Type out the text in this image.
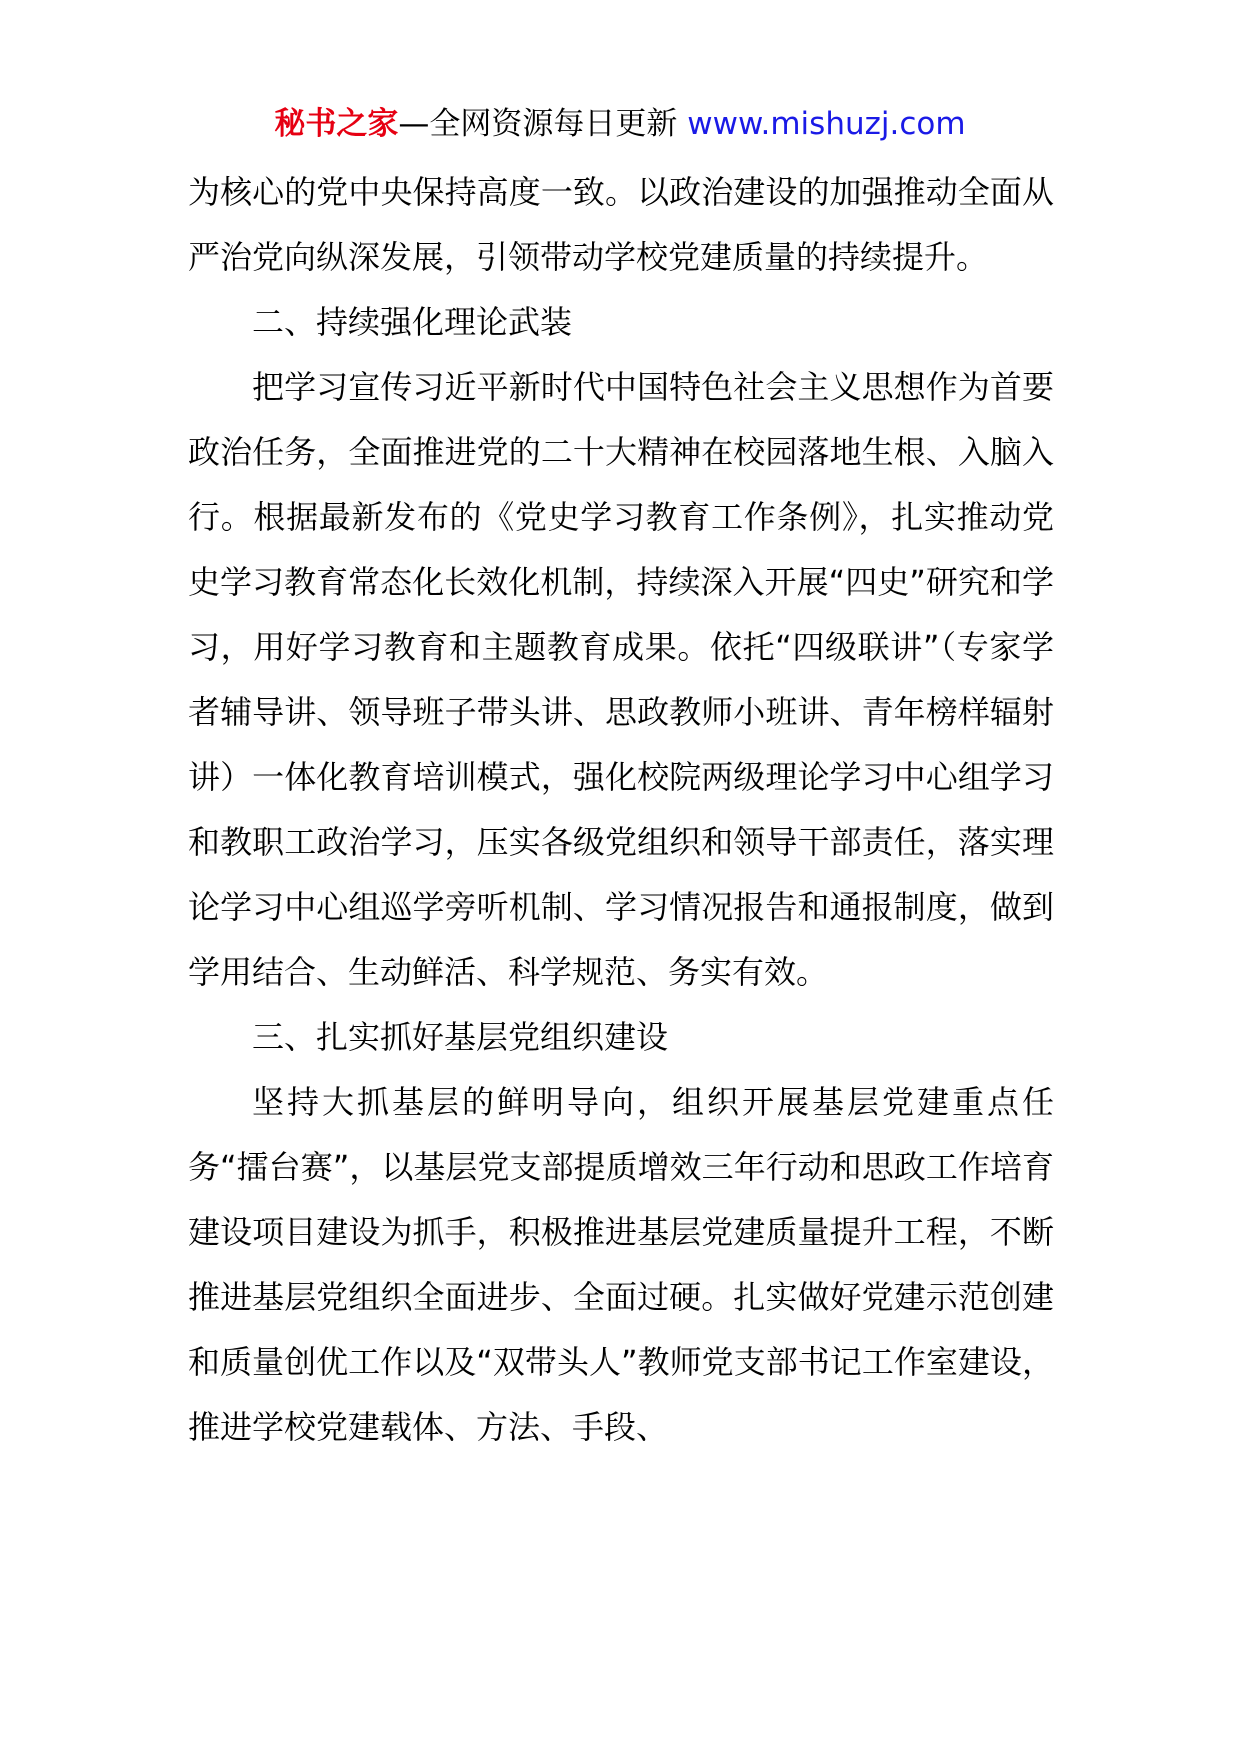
秘书之家—全网资源每日更新 www.mishuzj.com

为核心的党中央保持高度一致。以政治建设的加强推动全面从严治党向纵深发展，引领带动学校党建质量的持续提升。

二、持续强化理论武装

把学习宣传习近平新时代中国特色社会主义思想作为首要政治任务，全面推进党的二十大精神在校园落地生根、入脑入行。根据最新发布的《党史学习教育工作条例》，扎实推动党史学习教育常态化长效化机制，持续深入开展“四史”研究和学习，用好学习教育和主题教育成果。依托“四级联讲”（专家学者辅导讲、领导班子带头讲、思政教师小班讲、青年榜样辐射讲）一体化教育培训模式，强化校院两级理论学习中心组学习和教职工政治学习，压实各级党组织和领导干部责任，落实理论学习中心组巡学旁听机制、学习情况报告和通报制度，做到学用结合、生动鲜活、科学规范、务实有效。

三、扎实抓好基层党组织建设

坚持大抓基层的鲜明导向，组织开展基层党建重点任务“擂台赛”，以基层党支部提质增效三年行动和思政工作培育建设项目建设为抓手，积极推进基层党建质量提升工程，不断推进基层党组织全面进步、全面过硬。扎实做好党建示范创建和质量创优工作以及“双带头人”教师党支部书记工作室建设，推进学校党建载体、方法、手段、
